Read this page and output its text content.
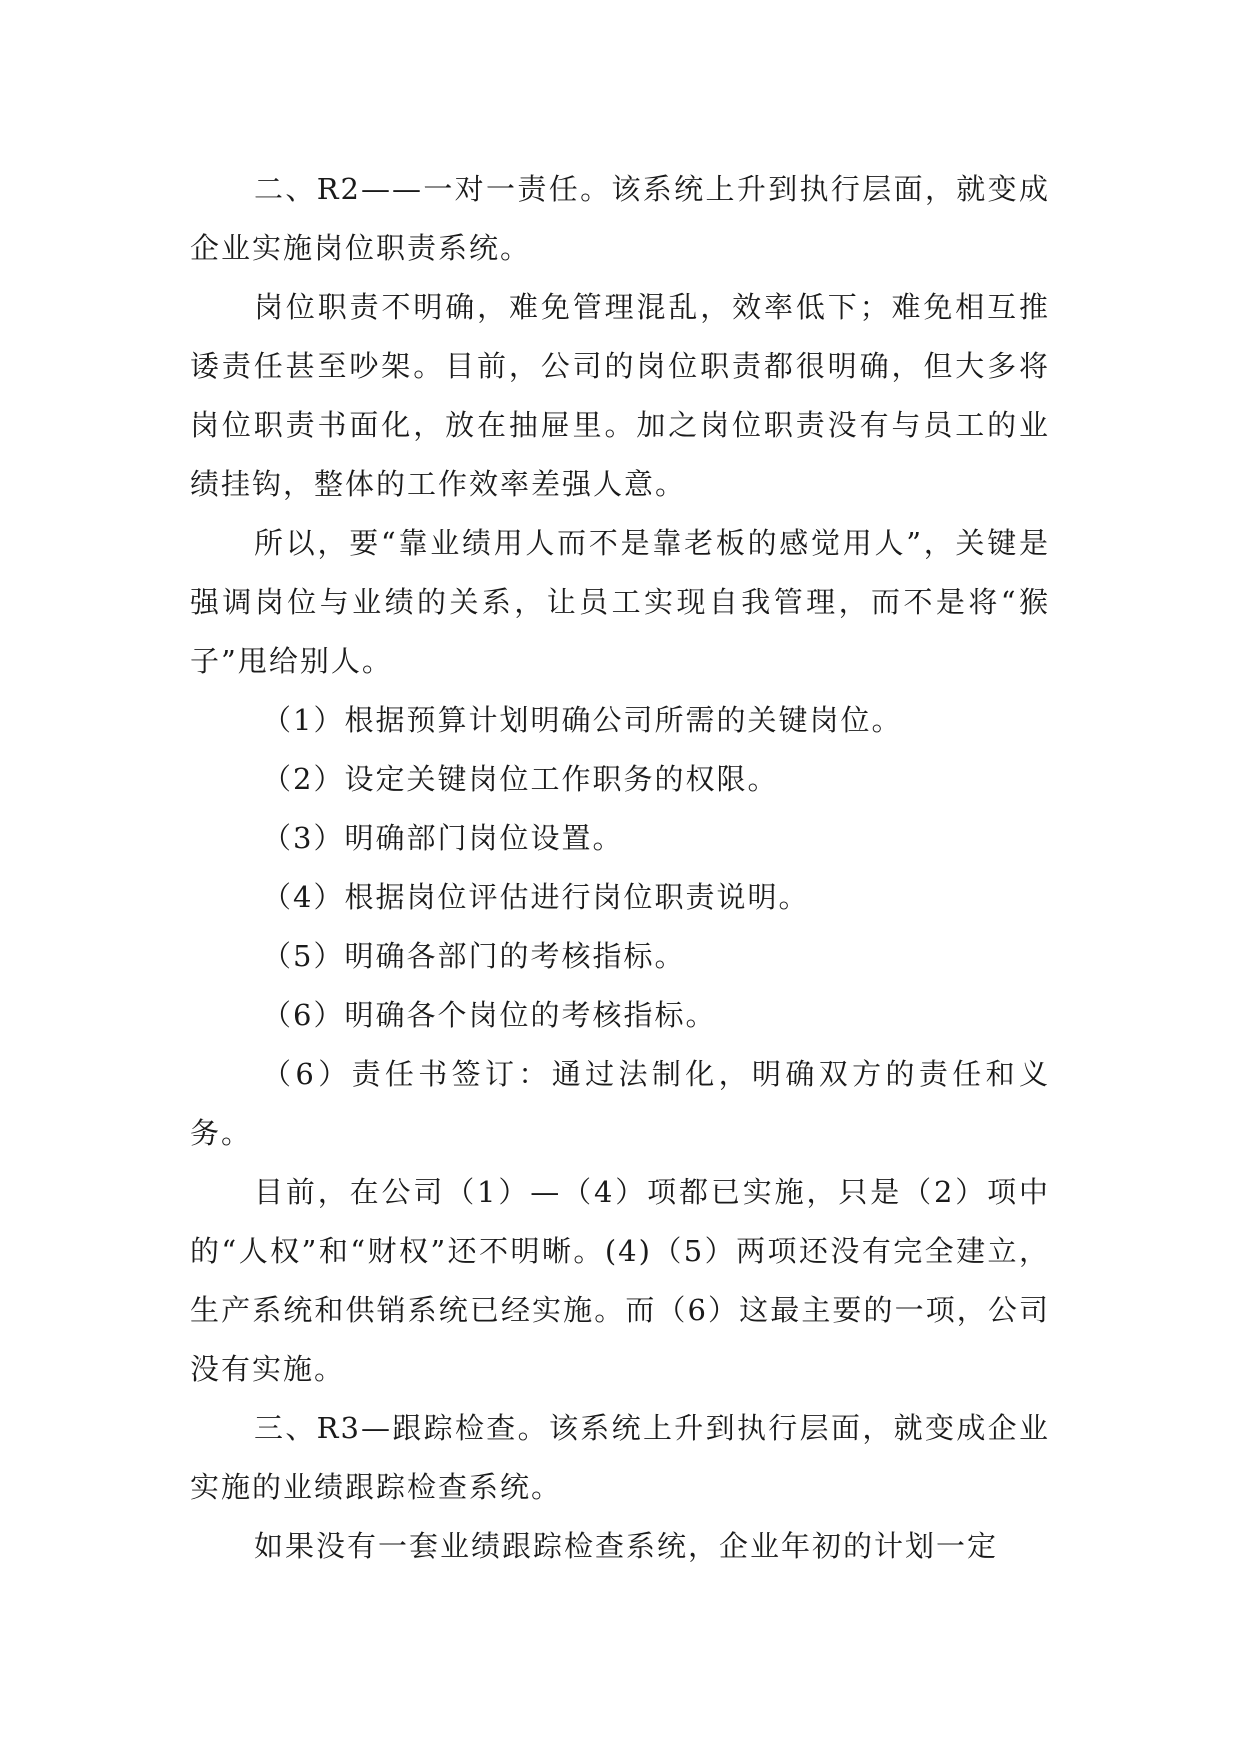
二、R2——一对一责任。该系统上升到执行层面，就变成企业实施岗位职责系统。

岗位职责不明确，难免管理混乱，效率低下；难免相互推诿责任甚至吵架。目前，公司的岗位职责都很明确，但大多将岗位职责书面化，放在抽屉里。加之岗位职责没有与员工的业绩挂钩，整体的工作效率差强人意。

所以，要“靠业绩用人而不是靠老板的感觉用人”，关键是强调岗位与业绩的关系，让员工实现自我管理，而不是将“猴子”甩给别人。

（1）根据预算计划明确公司所需的关键岗位。

（2）设定关键岗位工作职务的权限。

（3）明确部门岗位设置。

（4）根据岗位评估进行岗位职责说明。

（5）明确各部门的考核指标。

（6）明确各个岗位的考核指标。

（6）责任书签订：通过法制化，明确双方的责任和义务。

目前，在公司（1）—（4）项都已实施，只是（2）项中的“人权”和“财权”还不明晰。(4)（5）两项还没有完全建立，生产系统和供销系统已经实施。而（6）这最主要的一项，公司没有实施。

三、R3—跟踪检查。该系统上升到执行层面，就变成企业实施的业绩跟踪检查系统。

如果没有一套业绩跟踪检查系统，企业年初的计划一定
